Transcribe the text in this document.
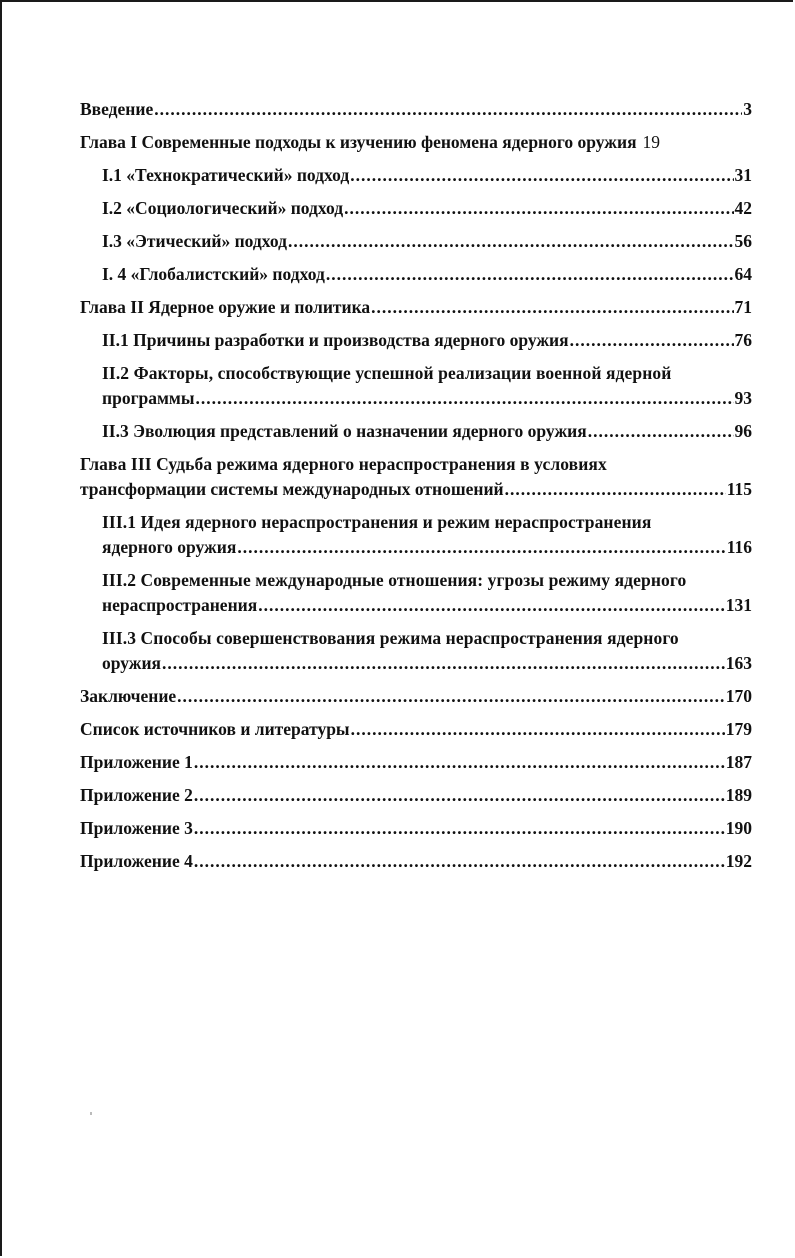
Введение .....	3
Глава I Современные подходы к изучению феномена ядерного оружия 19
I.1 «Технократический» подход .....	31
I.2 «Социологический» подход .....	42
I.3 «Этический» подход .....	56
I. 4 «Глобалистский» подход .....	64
Глава II Ядерное оружие и политика .....	71
II.1 Причины разработки и производства ядерного оружия .....	76
II.2 Факторы, способствующие успешной реализации военной ядерной
программы .....	93
II.3 Эволюция представлений о назначении ядерного оружия .....	96
Глава III Судьба режима ядерного нераспространения в условиях
трансформации системы международных отношений .....	115
III.1 Идея ядерного нераспространения и режим нераспространения
ядерного оружия .....	116
III.2 Современные международные отношения: угрозы режиму ядерного
нераспространения .....	131
III.3 Способы совершенствования режима нераспространения ядерного
оружия .....	163
Заключение .....	170
Список источников и литературы .....	179
Приложение 1 .....	187
Приложение 2 .....	189
Приложение 3 .....	190
Приложение 4 .....	192
